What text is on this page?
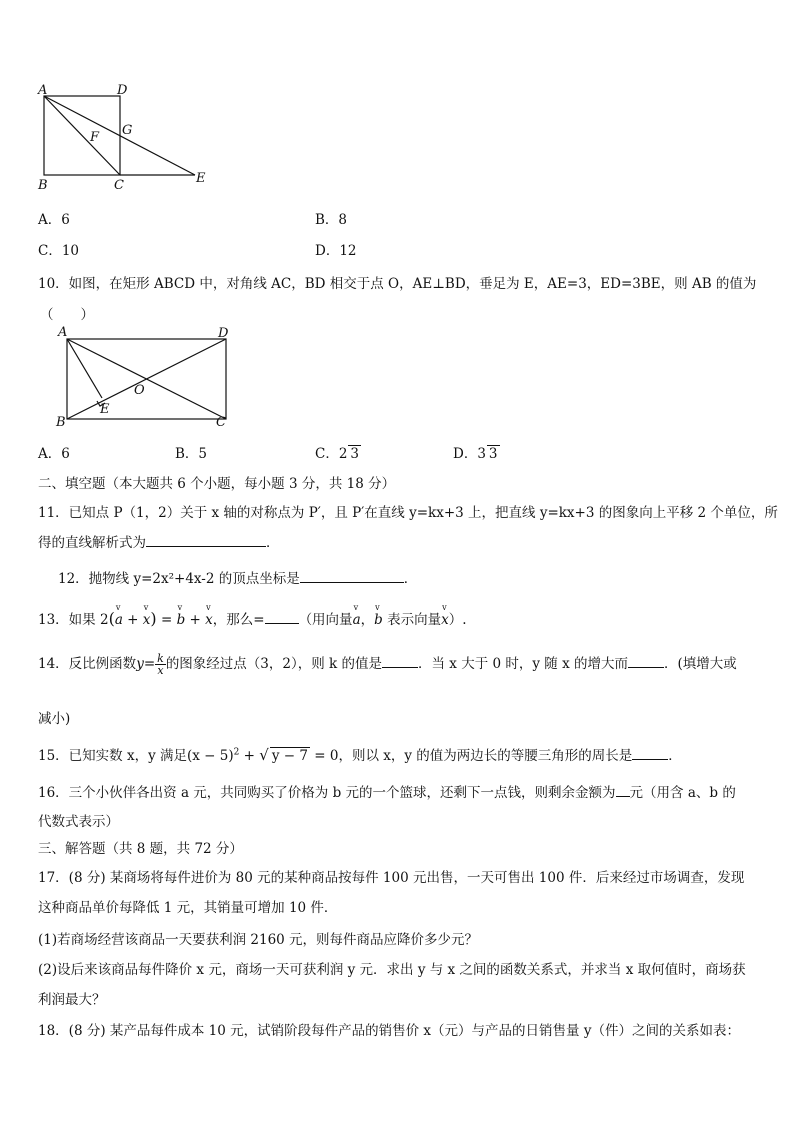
A	D
F G
B	C	E
A．6	B．8
C．10	D．12
10．如图，在矩形 ABCD 中，对角线 AC，BD 相交于点 O，AE⊥BD，垂足为 E，AE=3，ED=3BE，则 AB 的值为
（　　）
A	D
O
E
B	C
A．6	B．5	C．2 3	D．3 3
二、填空题（本大题共 6 个小题，每小题 3 分，共 18 分）
11．已知点 P（1，2）关于 x 轴的对称点为 P′，且 P′在直线 y=kx+3 上，把直线 y=kx+3 的图象向上平移 2 个单位，所
得的直线解析式为	．
12．抛物线 y=2x²+4x-2 的顶点坐标是	．
13．如果 2(v a + v x) = v b + v x，那么=	（用向量v a，v b 表示向量v x）.
14．反比例函数$y= \frac{k}{x}$ 的图象经过点（3，2），则 k 的值是	．当 x 大于 0 时，y 随 x 的增大而	．(填增大或
减小)
15．已知实数 x，y 满足$(x - 5)^2$ + √ y − 7 = 0，则以 x，y 的值为两边长的等腰三角形的周长是	．
16．三个小伙伴各出资 a 元，共同购买了价格为 b 元的一个篮球，还剩下一点钱，则剩余金额为 元（用含 a、b 的
代数式表示）
三、解答题（共 8 题，共 72 分）
17．(8 分) 某商场将每件进价为 80 元的某种商品按每件 100 元出售，一天可售出 100 件．后来经过市场调查，发现
这种商品单价每降低 1 元，其销量可增加 10 件．
(1)若商场经营该商品一天要获利润 2160 元，则每件商品应降价多少元？
(2)设后来该商品每件降价 x 元，商场一天可获利润 y 元．求出 y 与 x 之间的函数关系式，并求当 x 取何值时，商场获
利润最大？
18．(8 分) 某产品每件成本 10 元，试销阶段每件产品的销售价 x（元）与产品的日销售量 y（件）之间的关系如表：
